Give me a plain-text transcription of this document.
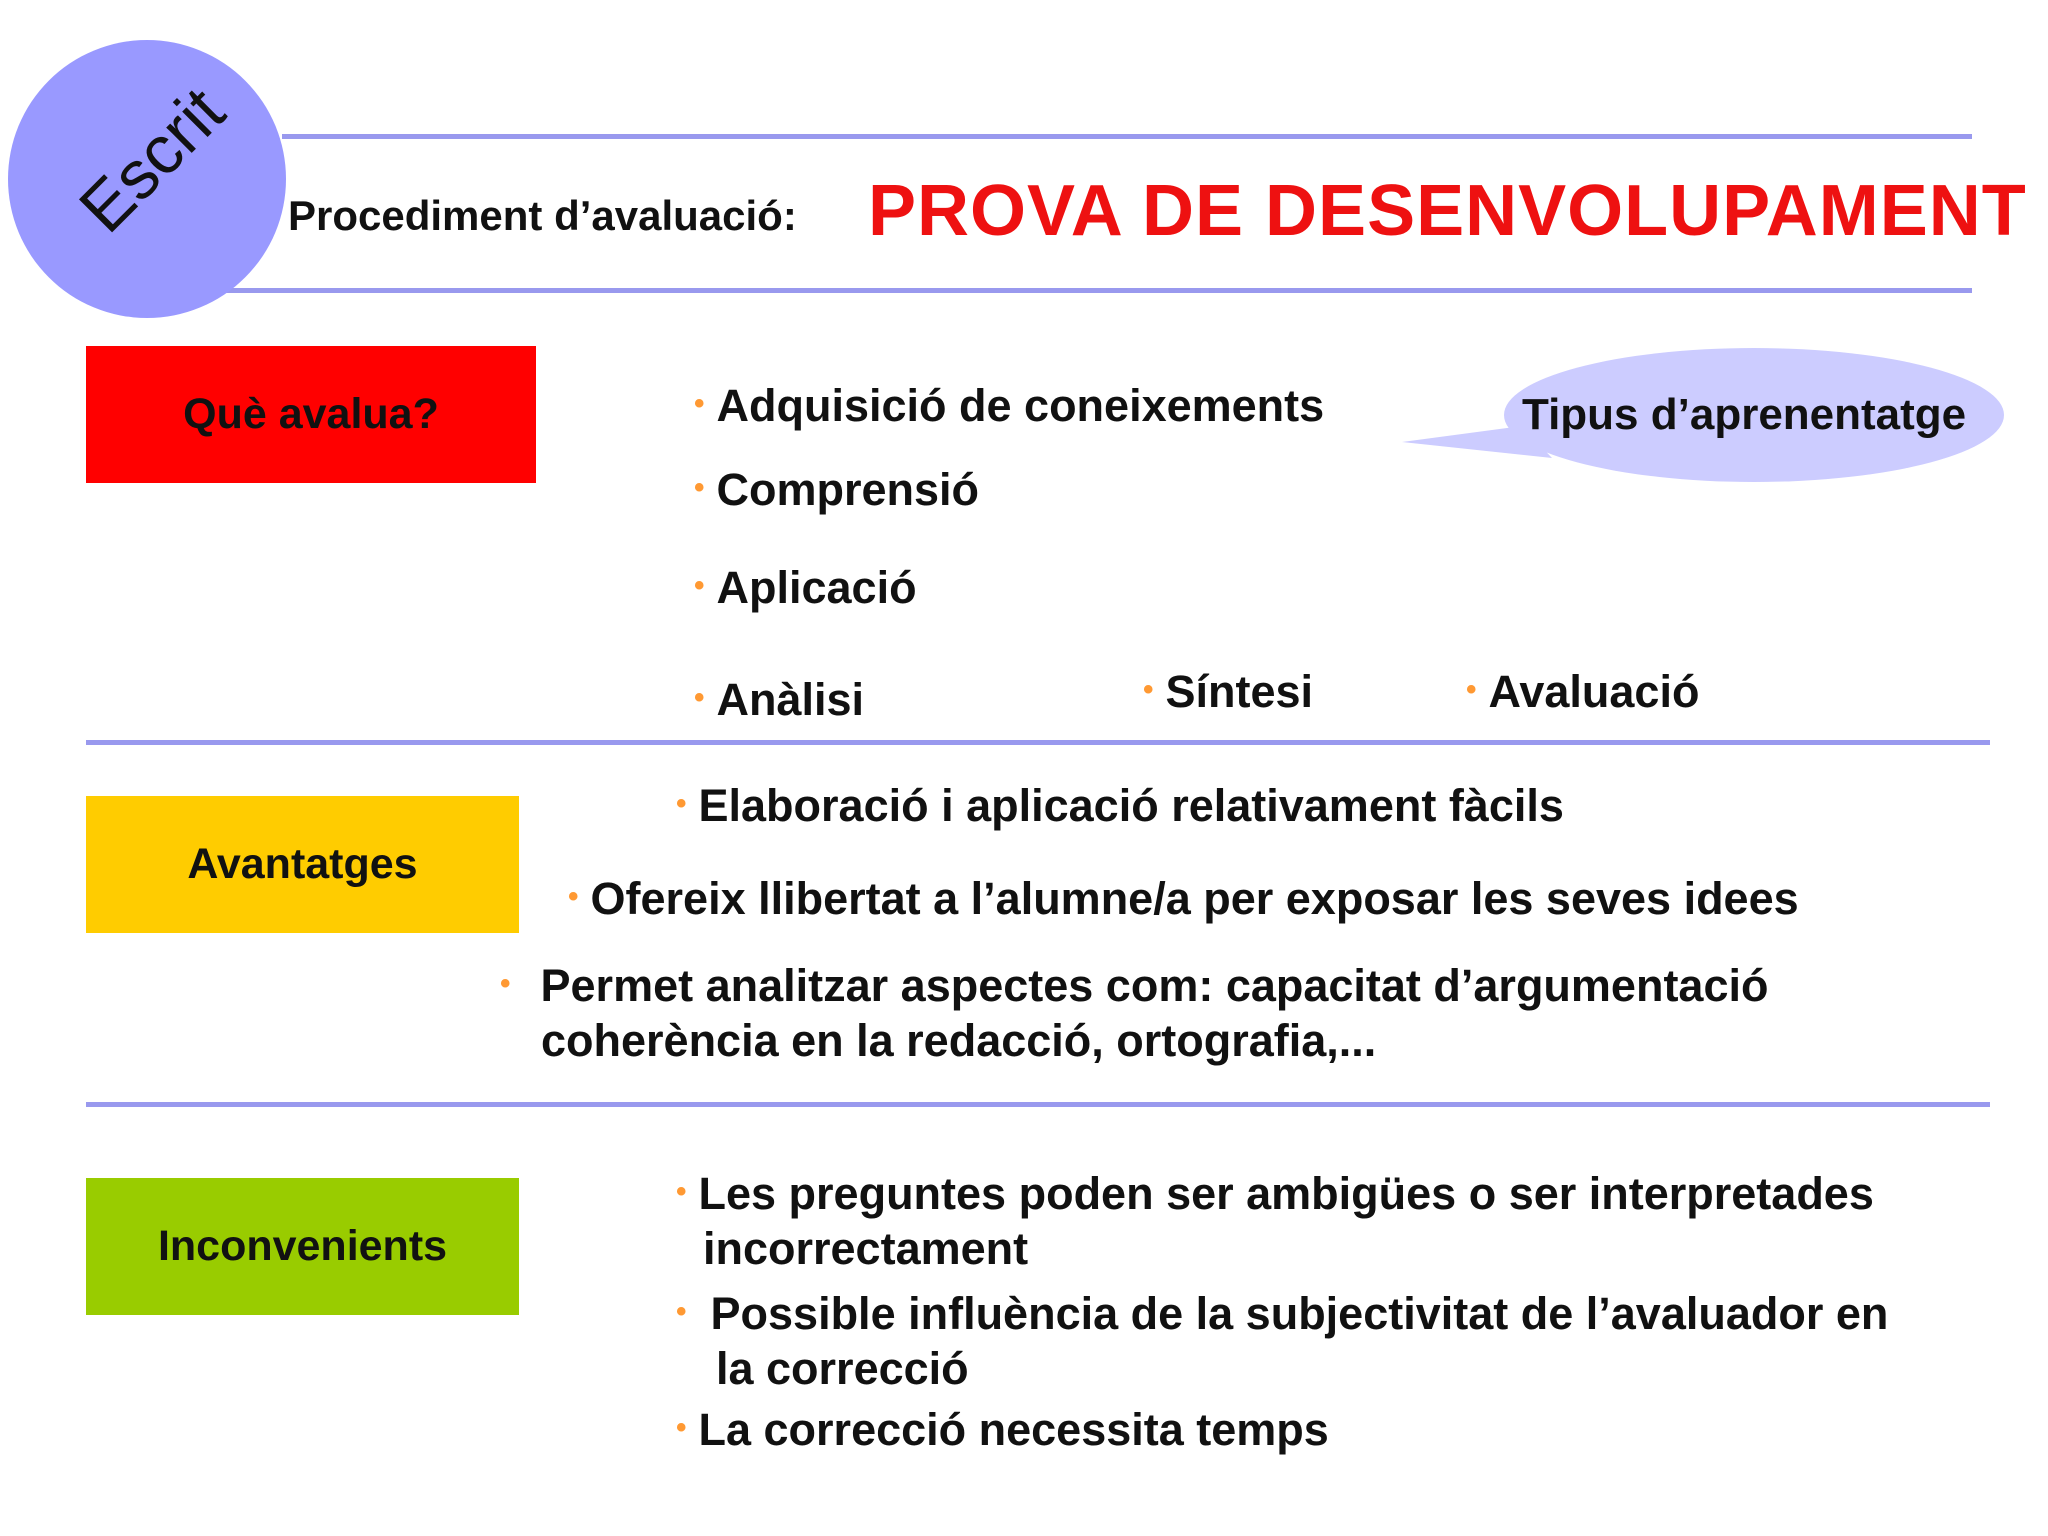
Escrit	Procediment d’avaluació: PROVA DE DESENVOLUPAMENT
Què avalua?	Tipus d’aprenentatge
• Adquisició de coneixements
• Comprensió
• Aplicació
• Anàlisi	• Síntesi	• Avaluació
Avantatges
• Elaboració i aplicació relativament fàcils
• Ofereix llibertat a l’alumne/a per exposar les seves idees
• Permet analitzar aspectes com: capacitat d’argumentació
coherència en la redacció, ortografia,...
Inconvenients
• Les preguntes poden ser ambigües o ser interpretades
incorrectament
• Possible influència de la subjectivitat de l’avaluador en
la correcció
• La correcció necessita temps
